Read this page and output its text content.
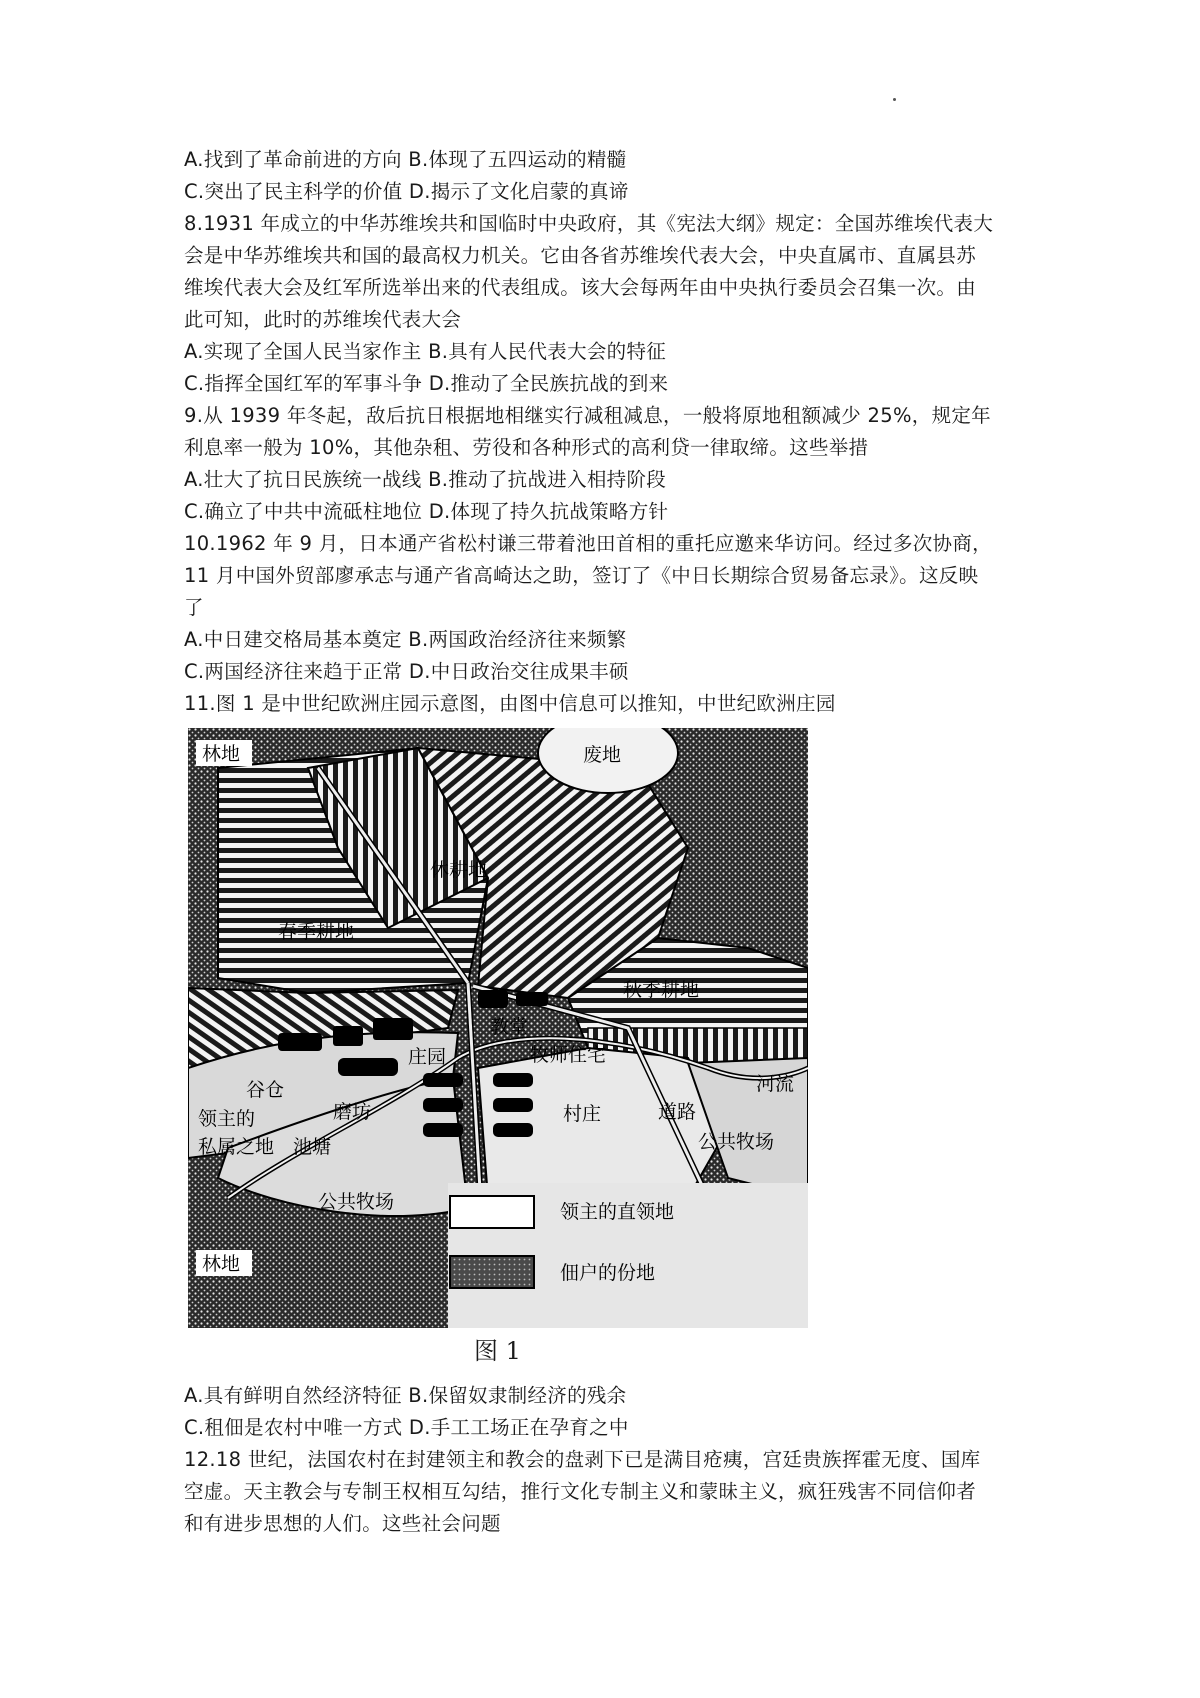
A.找到了革命前进的方向 B.体现了五四运动的精髓
C.突出了民主科学的价值 D.揭示了文化启蒙的真谛
8.1931 年成立的中华苏维埃共和国临时中央政府，其《宪法大纲》规定：全国苏维埃代表大
会是中华苏维埃共和国的最高权力机关。它由各省苏维埃代表大会，中央直属市、直属县苏
维埃代表大会及红军所选举出来的代表组成。该大会每两年由中央执行委员会召集一次。由
此可知，此时的苏维埃代表大会
A.实现了全国人民当家作主 B.具有人民代表大会的特征
C.指挥全国红军的军事斗争 D.推动了全民族抗战的到来
9.从 1939 年冬起，敌后抗日根据地相继实行减租减息，一般将原地租额减少 25%，规定年
利息率一般为 10%，其他杂租、劳役和各种形式的高利贷一律取缔。这些举措
A.壮大了抗日民族统一战线 B.推动了抗战进入相持阶段
C.确立了中共中流砥柱地位 D.体现了持久抗战策略方针
10.1962 年 9 月，日本通产省松村谦三带着池田首相的重托应邀来华访问。经过多次协商，
11 月中国外贸部廖承志与通产省高崎达之助，签订了《中日长期综合贸易备忘录》。这反映
了
A.中日建交格局基本奠定 B.两国政治经济往来频繁
C.两国经济往来趋于正常 D.中日政治交往成果丰硕
11.图 1 是中世纪欧洲庄园示意图，由图中信息可以推知，中世纪欧洲庄园
林地	废地
休耕地
春季耕地
秋季耕地
教堂
庄园	牧师住宅
谷仓	河流
领主的
私属之地
磨坊	村庄	道路
公共牧场
池塘
公共牧场
林地
领主的直领地
佃户的份地
图 1
A.具有鲜明自然经济特征 B.保留奴隶制经济的残余
C.租佃是农村中唯一方式 D.手工工场正在孕育之中
12.18 世纪，法国农村在封建领主和教会的盘剥下已是满目疮痍，宫廷贵族挥霍无度、国库
空虚。天主教会与专制王权相互勾结，推行文化专制主义和蒙昧主义，疯狂残害不同信仰者
和有进步思想的人们。这些社会问题
